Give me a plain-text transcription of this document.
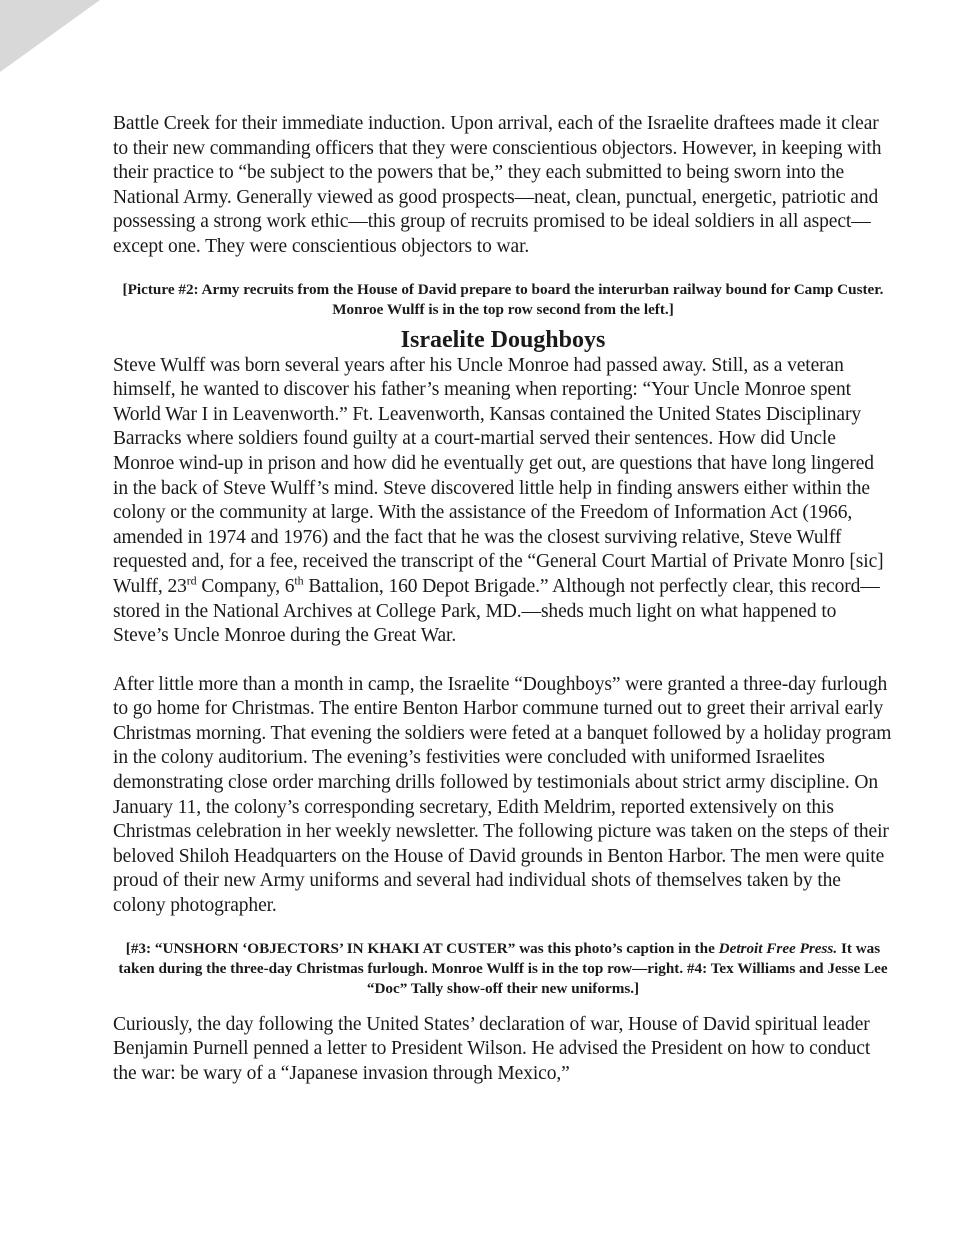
Battle Creek for their immediate induction. Upon arrival, each of the Israelite draftees made it clear to their new commanding officers that they were conscientious objectors. However, in keeping with their practice to “be subject to the powers that be,” they each submitted to being sworn into the National Army. Generally viewed as good prospects—neat, clean, punctual, energetic, patriotic and possessing a strong work ethic—this group of recruits promised to be ideal soldiers in all aspect—except one. They were conscientious objectors to war.

[Picture #2: Army recruits from the House of David prepare to board the interurban railway bound for Camp Custer. Monroe Wulff is in the top row second from the left.]

Israelite Doughboys

Steve Wulff was born several years after his Uncle Monroe had passed away. Still, as a veteran himself, he wanted to discover his father’s meaning when reporting: “Your Uncle Monroe spent World War I in Leavenworth.” Ft. Leavenworth, Kansas contained the United States Disciplinary Barracks where soldiers found guilty at a court-martial served their sentences. How did Uncle Monroe wind-up in prison and how did he eventually get out, are questions that have long lingered in the back of Steve Wulff’s mind. Steve discovered little help in finding answers either within the colony or the community at large. With the assistance of the Freedom of Information Act (1966, amended in 1974 and 1976) and the fact that he was the closest surviving relative, Steve Wulff requested and, for a fee, received the transcript of the “General Court Martial of Private Monro [sic] Wulff, 23rd Company, 6th Battalion, 160 Depot Brigade.” Although not perfectly clear, this record—stored in the National Archives at College Park, MD.—sheds much light on what happened to Steve’s Uncle Monroe during the Great War.

After little more than a month in camp, the Israelite “Doughboys” were granted a three-day furlough to go home for Christmas. The entire Benton Harbor commune turned out to greet their arrival early Christmas morning. That evening the soldiers were feted at a banquet followed by a holiday program in the colony auditorium. The evening’s festivities were concluded with uniformed Israelites demonstrating close order marching drills followed by testimonials about strict army discipline. On January 11, the colony’s corresponding secretary, Edith Meldrim, reported extensively on this Christmas celebration in her weekly newsletter. The following picture was taken on the steps of their beloved Shiloh Headquarters on the House of David grounds in Benton Harbor. The men were quite proud of their new Army uniforms and several had individual shots of themselves taken by the colony photographer.

[#3: “UNSHORN ‘OBJECTORS’ IN KHAKI AT CUSTER” was this photo’s caption in the Detroit Free Press. It was taken during the three-day Christmas furlough. Monroe Wulff is in the top row—right. #4: Tex Williams and Jesse Lee “Doc” Tally show-off their new uniforms.]

Curiously, the day following the United States’ declaration of war, House of David spiritual leader Benjamin Purnell penned a letter to President Wilson. He advised the President on how to conduct the war: be wary of a “Japanese invasion through Mexico,”
